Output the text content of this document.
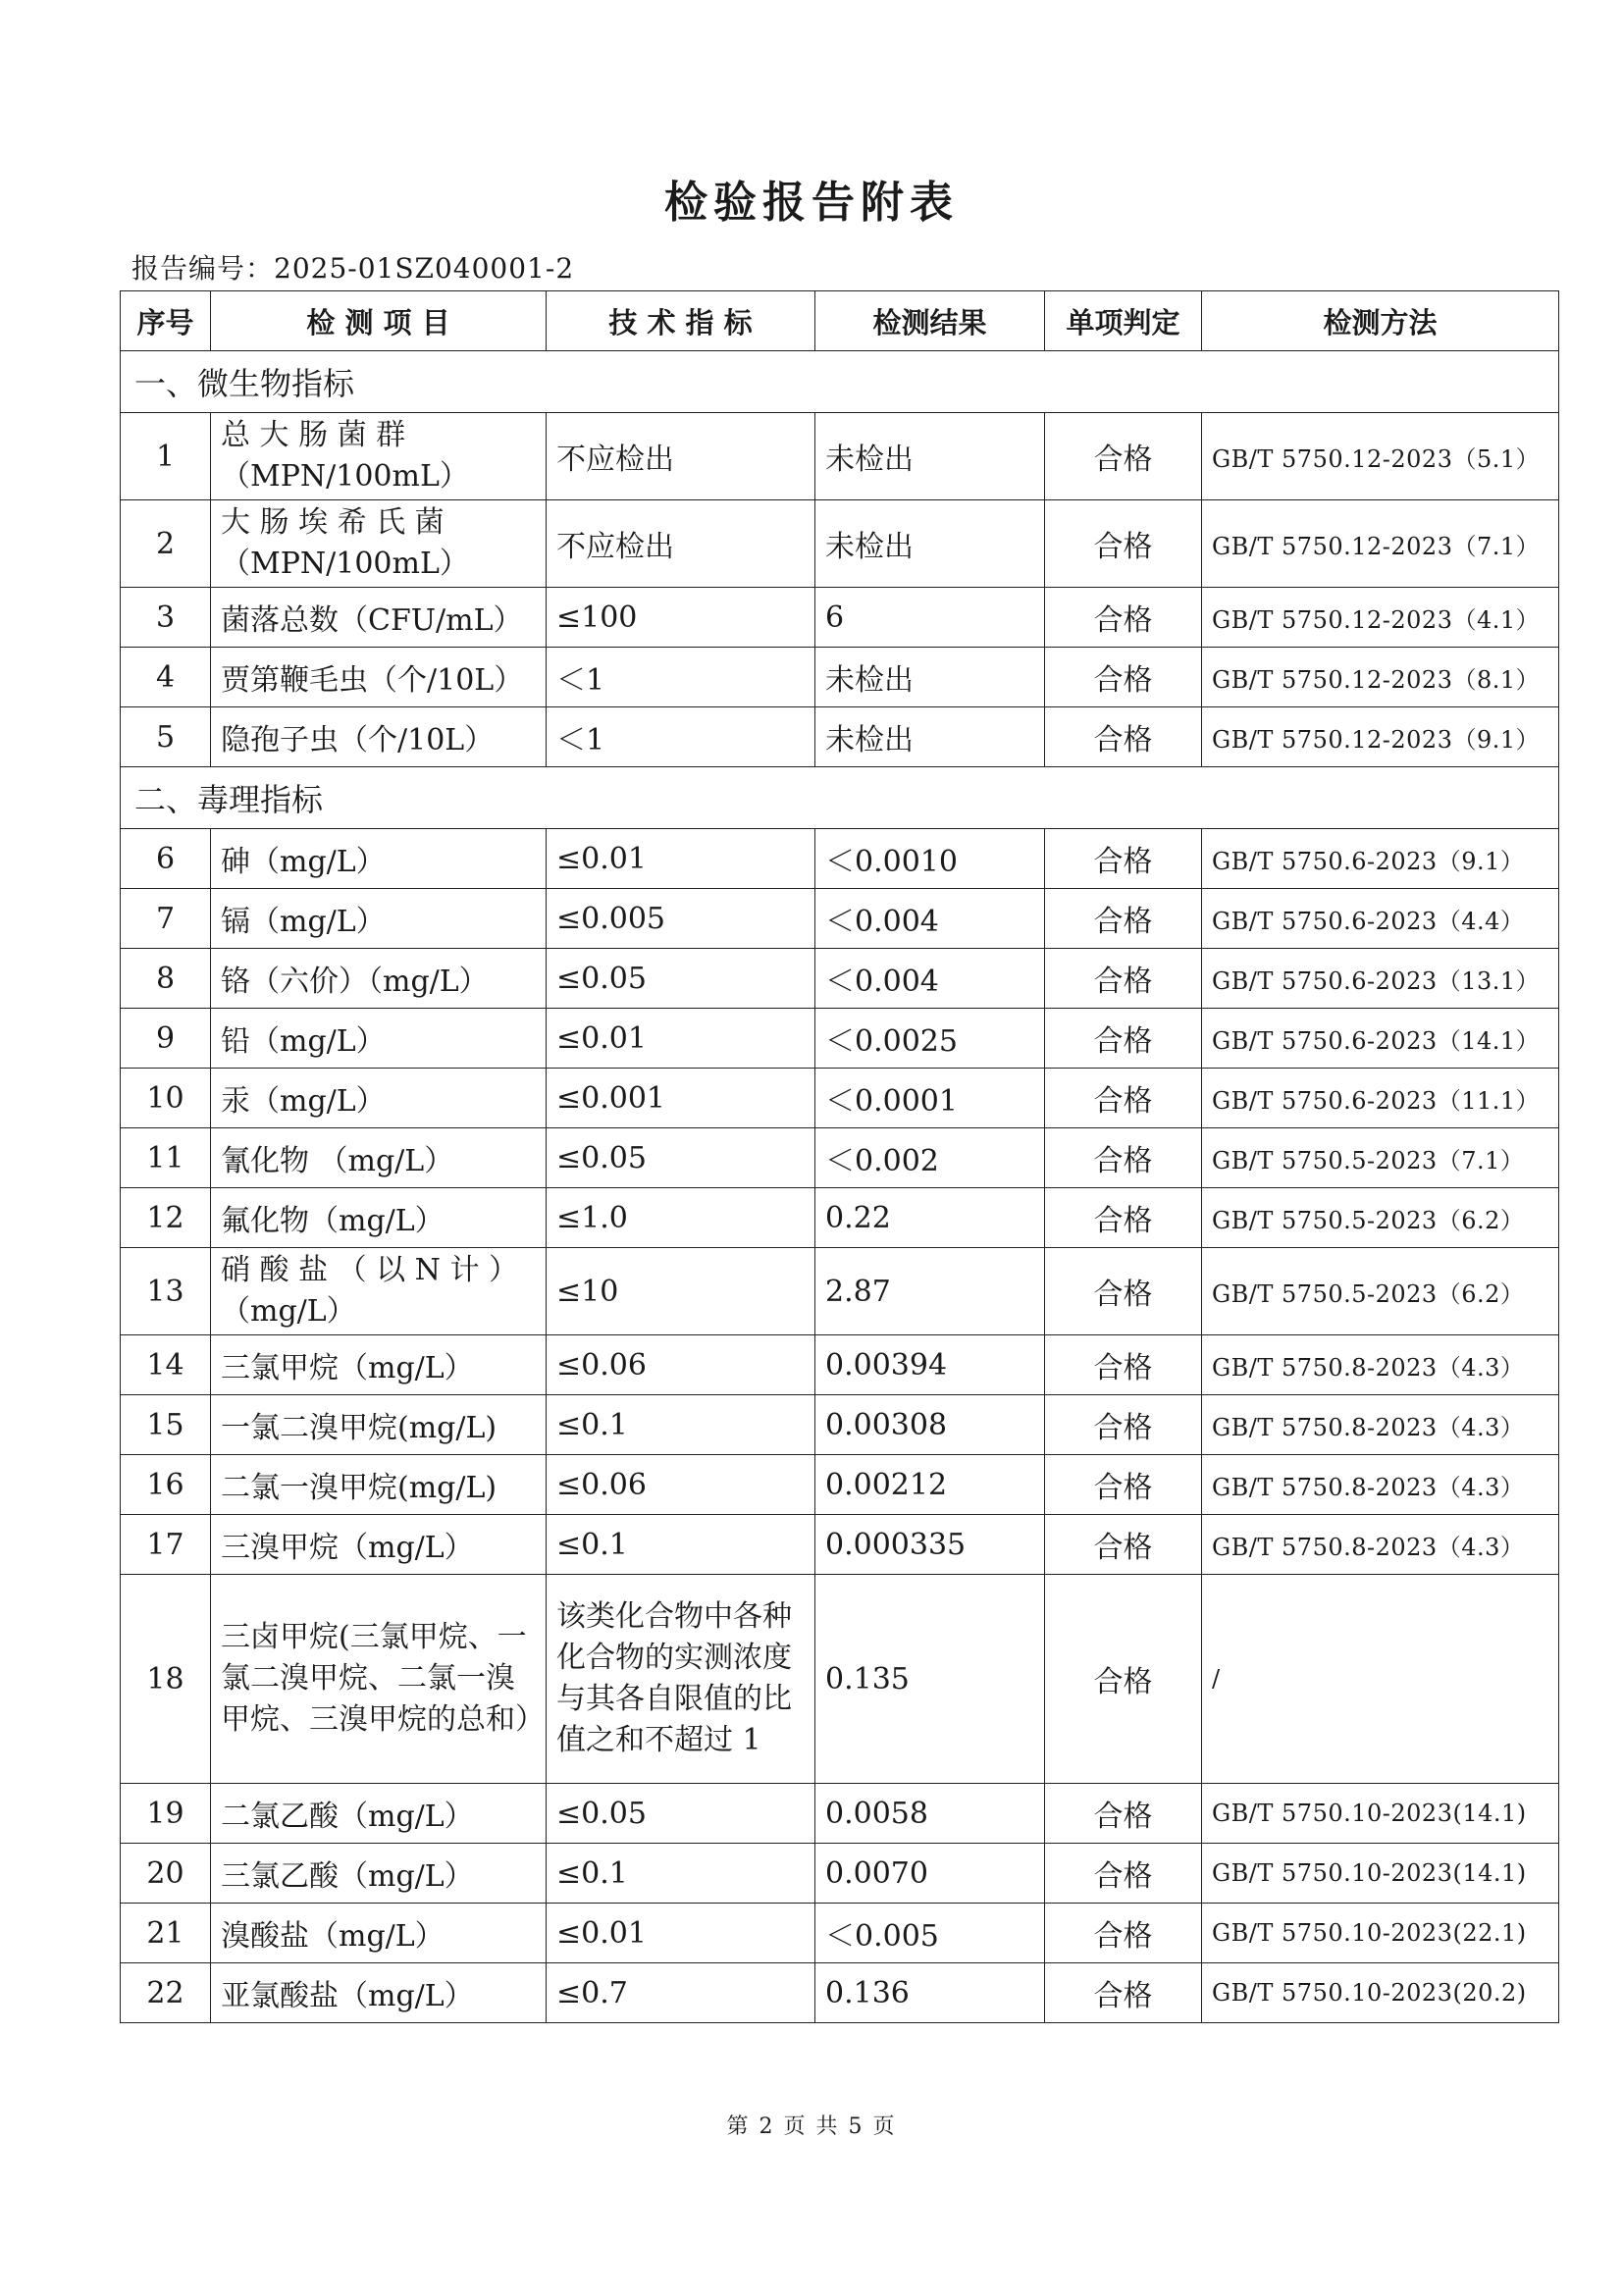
检验报告附表
报告编号：2025-01SZ040001-2
序号	检 测 项 目	技 术 指 标	检测结果	单项判定	检测方法
一、微生物指标					
1	总 大 肠 菌 群 （MPN/100mL）	不应检出	未检出	合格	GB/T 5750.12-2023（5.1）
2	大 肠 埃 希 氏 菌 （MPN/100mL）	不应检出	未检出	合格	GB/T 5750.12-2023（7.1）
3	菌落总数（CFU/mL）	≤100	6	合格	GB/T 5750.12-2023（4.1）
4	贾第鞭毛虫（个/10L）	＜1	未检出	合格	GB/T 5750.12-2023（8.1）
5	隐孢子虫（个/10L）	＜1	未检出	合格	GB/T 5750.12-2023（9.1）
二、毒理指标					
6	砷（mg/L）	≤0.01	＜0.0010	合格	GB/T 5750.6-2023（9.1）
7	镉（mg/L）	≤0.005	＜0.004	合格	GB/T 5750.6-2023（4.4）
8	铬（六价）（mg/L）	≤0.05	＜0.004	合格	GB/T 5750.6-2023（13.1）
9	铅（mg/L）	≤0.01	＜0.0025	合格	GB/T 5750.6-2023（14.1）
10	汞（mg/L）	≤0.001	＜0.0001	合格	GB/T 5750.6-2023（11.1）
11	氰化物 （mg/L）	≤0.05	＜0.002	合格	GB/T 5750.5-2023（7.1）
12	氟化物（mg/L）	≤1.0	0.22	合格	GB/T 5750.5-2023（6.2）
13	硝 酸 盐 （ 以 N 计 ） （mg/L）	≤10	2.87	合格	GB/T 5750.5-2023（6.2）
14	三氯甲烷（mg/L）	≤0.06	0.00394	合格	GB/T 5750.8-2023（4.3）
15	一氯二溴甲烷(mg/L)	≤0.1	0.00308	合格	GB/T 5750.8-2023（4.3）
16	二氯一溴甲烷(mg/L)	≤0.06	0.00212	合格	GB/T 5750.8-2023（4.3）
17	三溴甲烷（mg/L）	≤0.1	0.000335	合格	GB/T 5750.8-2023（4.3）
18	三卤甲烷(三氯甲烷、一氯二溴甲烷、二氯一溴甲烷、三溴甲烷的总和）	该类化合物中各种化合物的实测浓度与其各自限值的比值之和不超过 1	0.135	合格	/
19	二氯乙酸（mg/L）	≤0.05	0.0058	合格	GB/T 5750.10-2023(14.1)
20	三氯乙酸（mg/L）	≤0.1	0.0070	合格	GB/T 5750.10-2023(14.1)
21	溴酸盐（mg/L）	≤0.01	＜0.005	合格	GB/T 5750.10-2023(22.1)
22	亚氯酸盐（mg/L）	≤0.7	0.136	合格	GB/T 5750.10-2023(20.2)
第 2 页 共 5 页
